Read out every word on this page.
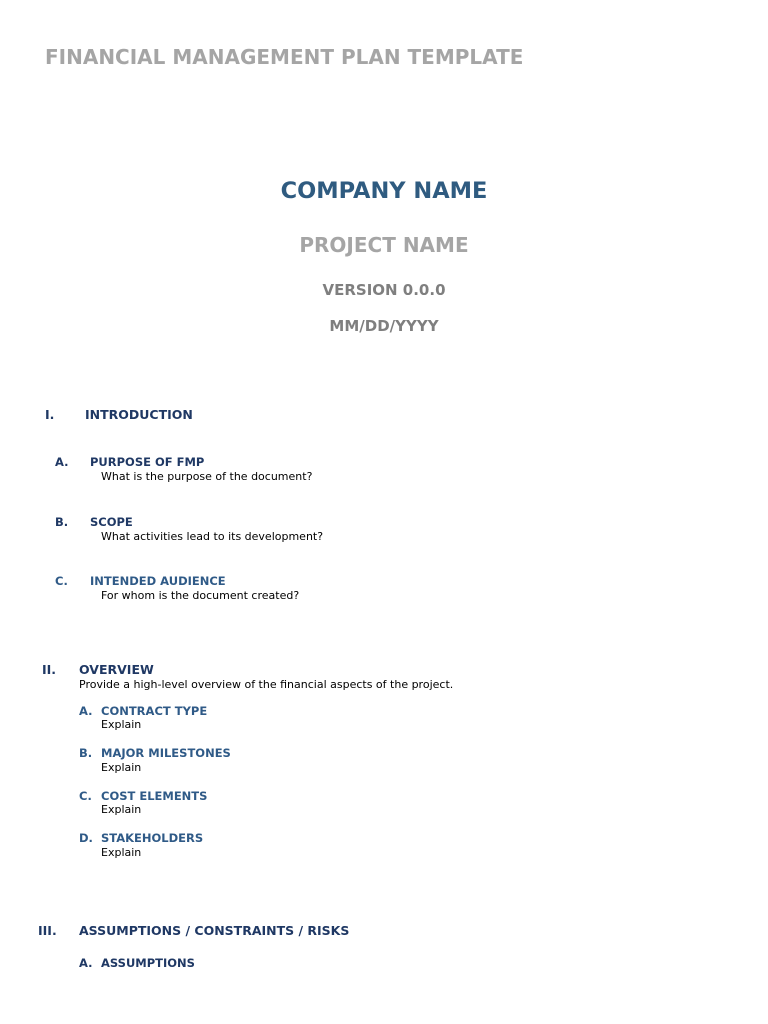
FINANCIAL MANAGEMENT PLAN TEMPLATE
COMPANY NAME
PROJECT NAME
VERSION 0.0.0
MM/DD/YYYY
I. INTRODUCTION
A. PURPOSE OF FMP
What is the purpose of the document?
B. SCOPE
What activities lead to its development?
C. INTENDED AUDIENCE
For whom is the document created?
II. OVERVIEW
Provide a high-level overview of the financial aspects of the project.
A. CONTRACT TYPE
Explain
B. MAJOR MILESTONES
Explain
C. COST ELEMENTS
Explain
D. STAKEHOLDERS
Explain
III. ASSUMPTIONS / CONSTRAINTS / RISKS
A. ASSUMPTIONS
